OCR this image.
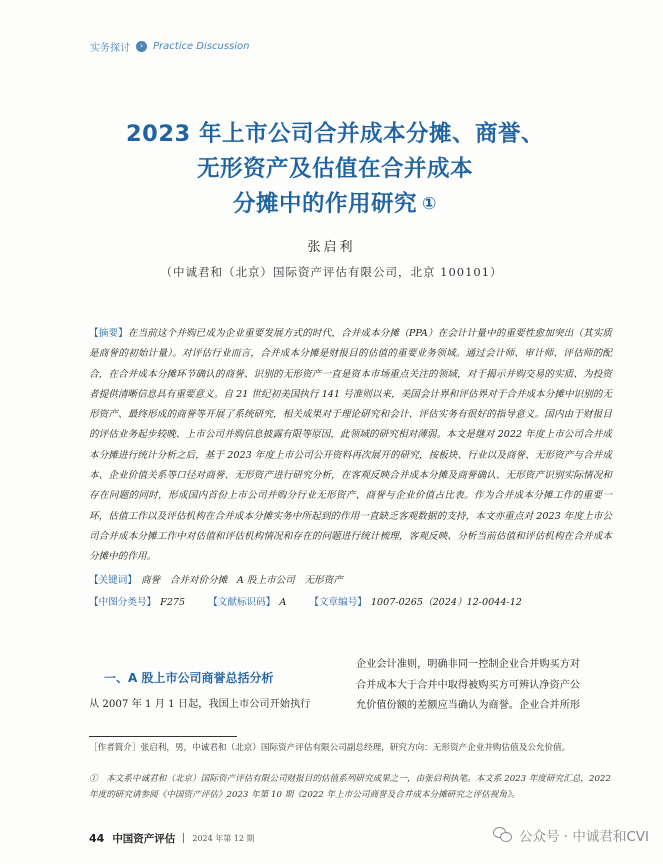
实务探讨	› Practice Discussion
2023 年上市公司合并成本分摊、商誉、
无形资产及估值在合并成本
分摊中的作用研究 ①
张启利
（中诚君和（北京）国际资产评估有限公司，北京 100101）
【摘要】在当前这个并购已成为企业重要发展方式的时代，合并成本分摊（PPA）在会计计量中的重要性愈加突出（其实质是商誉的初始计量）。对评估行业而言，合并成本分摊是财报目的估值的重要业务领域。通过会计师、审计师、评估师的配合，在合并成本分摊环节确认的商誉、识别的无形资产一直是资本市场重点关注的领域，对于揭示并购交易的实质、为投资者提供清晰信息具有重要意义。自 21 世纪初美国执行 141 号准则以来，美国会计界和评估界对于合并成本分摊中识别的无形资产、最终形成的商誉等开展了系统研究，相关成果对于理论研究和会计、评估实务有很好的指导意义。国内由于财报目的评估业务起步较晚、上市公司并购信息披露有限等原因，此领域的研究相对薄弱。本文是继对 2022 年度上市公司合并成本分摊进行统计分析之后，基于 2023 年度上市公司公开资料再次展开的研究，按板块、行业以及商誉、无形资产与合并成本、企业价值关系等口径对商誉、无形资产进行研究分析，在客观反映合并成本分摊及商誉确认、无形资产识别实际情况和存在问题的同时，形成国内首份上市公司并购分行业无形资产、商誉与企业价值占比表。作为合并成本分摊工作的重要一环，估值工作以及评估机构在合并成本分摊实务中所起到的作用一直缺乏客观数据的支持，本文亦重点对 2023 年度上市公司合并成本分摊工作中对估值和评估机构情况和存在的问题进行统计梳理，客观反映、分析当前估值和评估机构在合并成本分摊中的作用。
【关键词】 商誉　合并对价分摊　A 股上市公司　无形资产
【中图分类号】 F275 【文献标识码】 A 【文章编号】 1007-0265（2024）12-0044-12
一、A 股上市公司商誉总括分析

从 2007 年 1 月 1 日起，我国上市公司开始执行

企业会计准则，明确非同一控制企业合并购买方对
合并成本大于合并中取得被购买方可辨认净资产公
允价值份额的差额应当确认为商誉。企业合并所形

［作者简介］张启利，男，中诚君和（北京）国际资产评估有限公司副总经理，研究方向：无形资产企业并购估值及公允价值。

①　本文系中诚君和（北京）国际资产评估有限公司财报目的估值系列研究成果之一，由张启利执笔。本文系 2023 年度研究汇总，2022 年度的研究请参阅《中国资产评估》2023 年第 10 期《2022 年上市公司商誉及合并成本分摊研究之评估视角》。

44 中国资产评估 2024 年第 12 期	公众号 · 中诚君和CVI
